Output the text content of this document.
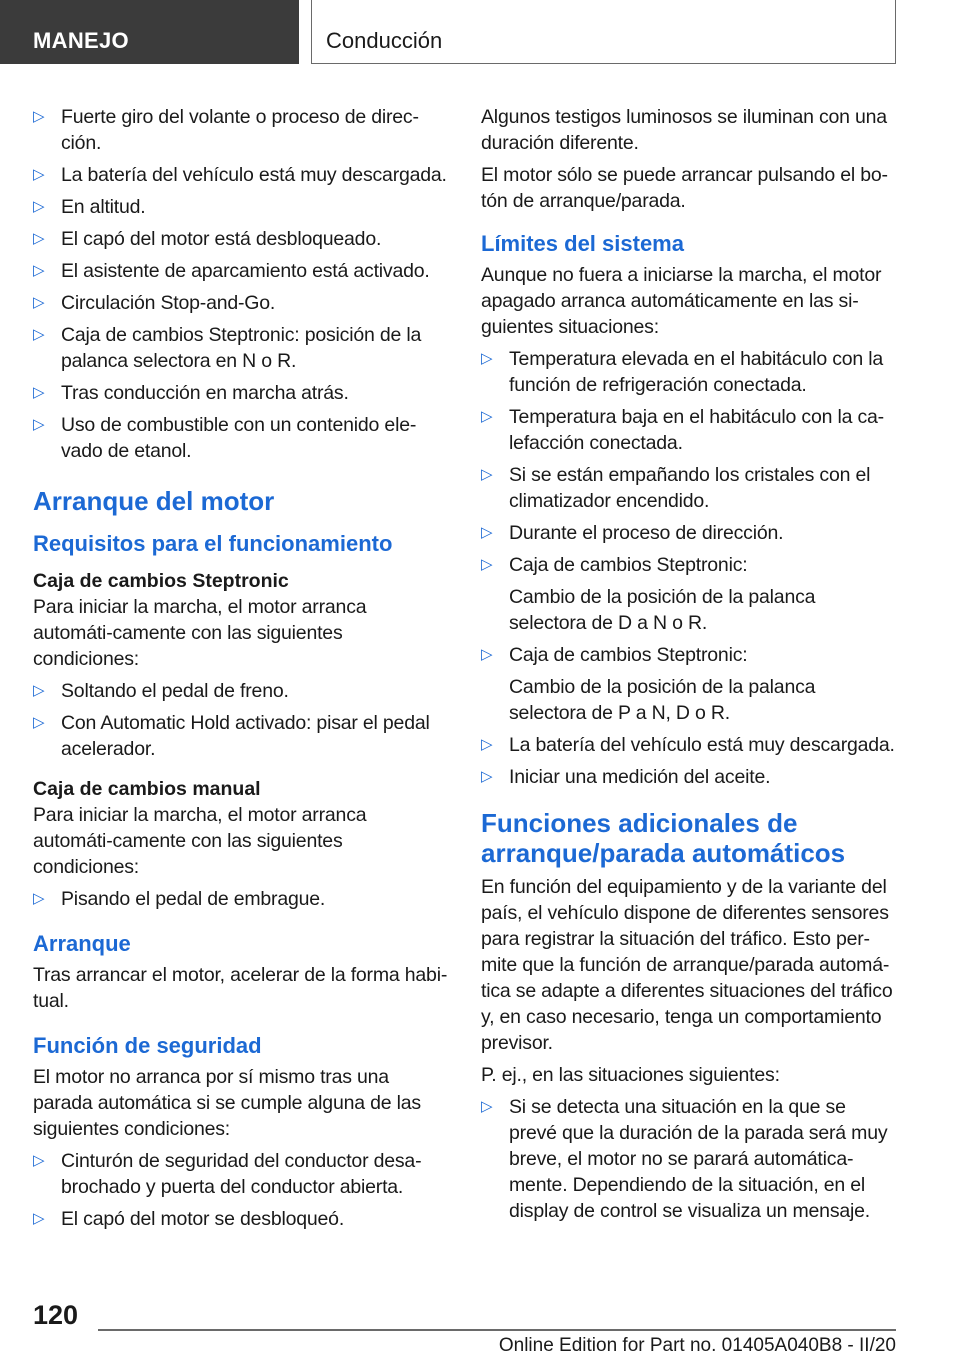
MANEJO	Conducción
▷ Fuerte giro del volante o proceso de direc-ción.
▷ La batería del vehículo está muy descargada.
▷ En altitud.
▷ El capó del motor está desbloqueado.
▷ El asistente de aparcamiento está activado.
▷ Circulación Stop-and-Go.
▷ Caja de cambios Steptronic: posición de la palanca selectora en N o R.
▷ Tras conducción en marcha atrás.
▷ Uso de combustible con un contenido ele-vado de etanol.
Arranque del motor
Requisitos para el funcionamiento
Caja de cambios Steptronic
Para iniciar la marcha, el motor arranca automáti-camente con las siguientes condiciones:
▷ Soltando el pedal de freno.
▷ Con Automatic Hold activado: pisar el pedal acelerador.
Caja de cambios manual
Para iniciar la marcha, el motor arranca automáti-camente con las siguientes condiciones:
▷ Pisando el pedal de embrague.
Arranque
Tras arrancar el motor, acelerar de la forma habi-tual.
Función de seguridad
El motor no arranca por sí mismo tras una parada automática si se cumple alguna de las siguientes condiciones:
▷ Cinturón de seguridad del conductor desa-brochado y puerta del conductor abierta.
▷ El capó del motor se desbloqueó.
Algunos testigos luminosos se iluminan con una duración diferente.
El motor sólo se puede arrancar pulsando el bo-tón de arranque/parada.
Límites del sistema
Aunque no fuera a iniciarse la marcha, el motor apagado arranca automáticamente en las si-guientes situaciones:
▷ Temperatura elevada en el habitáculo con la función de refrigeración conectada.
▷ Temperatura baja en el habitáculo con la ca-lefacción conectada.
▷ Si se están empañando los cristales con el climatizador encendido.
▷ Durante el proceso de dirección.
▷ Caja de cambios Steptronic:
Cambio de la posición de la palanca selectora de D a N o R.
▷ Caja de cambios Steptronic:
Cambio de la posición de la palanca selectora de P a N, D o R.
▷ La batería del vehículo está muy descargada.
▷ Iniciar una medición del aceite.
Funciones adicionales de arranque/parada automáticos
En función del equipamiento y de la variante del país, el vehículo dispone de diferentes sensores para registrar la situación del tráfico. Esto per-mite que la función de arranque/parada automá-tica se adapte a diferentes situaciones del tráfico y, en caso necesario, tenga un comportamiento previsor.
P. ej., en las situaciones siguientes:
▷ Si se detecta una situación en la que se prevé que la duración de la parada será muy breve, el motor no se parará automática-mente. Dependiendo de la situación, en el display de control se visualiza un mensaje.
120
Online Edition for Part no. 01405A040B8 - II/20
